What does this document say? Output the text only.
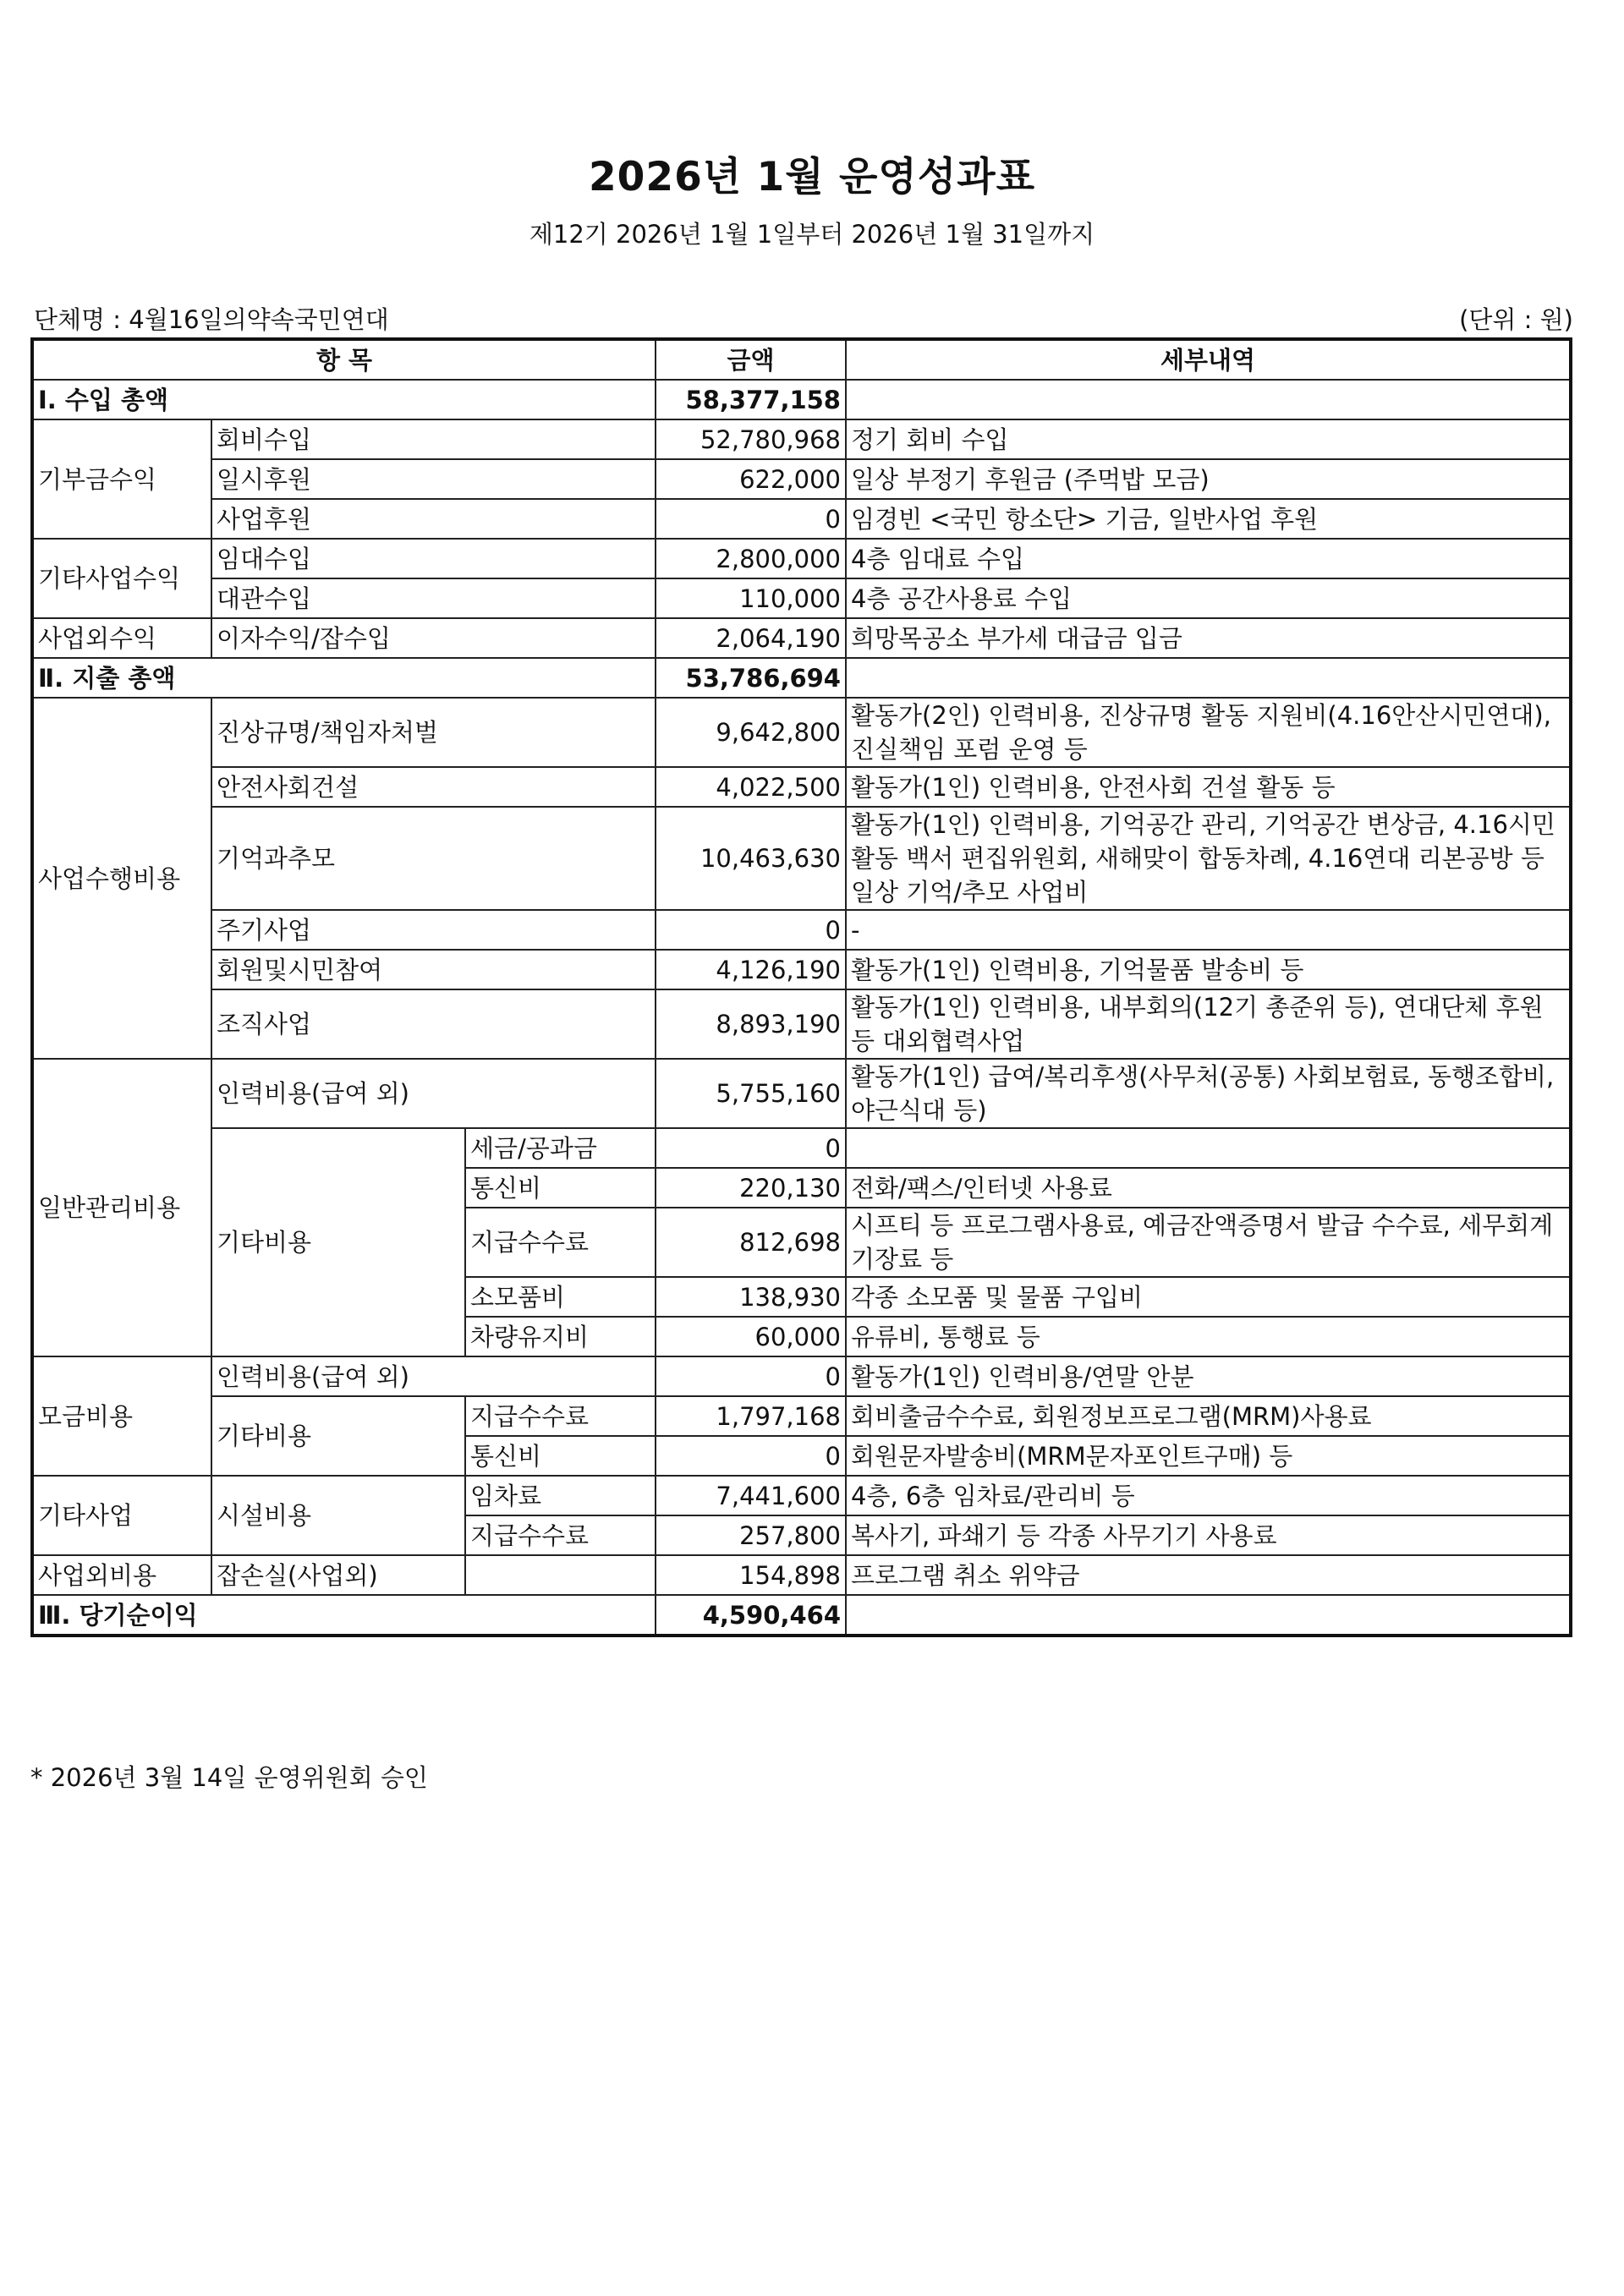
2026년 1월 운영성과표
제12기 2026년 1월 1일부터 2026년 1월 31일까지
단체명 : 4월16일의약속국민연대	(단위 : 원)
항 목			금액	세부내역
Ⅰ. 수입 총액			58,377,158	
기부금수익	회비수입		52,780,968	정기 회비 수입
	일시후원		622,000	일상 부정기 후원금 (주먹밥 모금)
	사업후원		0	임경빈 <국민 항소단> 기금, 일반사업 후원
기타사업수익	임대수입		2,800,000	4층 임대료 수입
	대관수입		110,000	4층 공간사용료 수입
사업외수익	이자수익/잡수입		2,064,190	희망목공소 부가세 대급금 입금
Ⅱ. 지출 총액			53,786,694	
사업수행비용	진상규명/책임자처벌		9,642,800	활동가(2인) 인력비용, 진상규명 활동 지원비(4.16안산시민연대), 진실책임 포럼 운영 등
	안전사회건설		4,022,500	활동가(1인) 인력비용, 안전사회 건설 활동 등
	기억과추모		10,463,630	활동가(1인) 인력비용, 기억공간 관리, 기억공간 변상금, 4.16시민 활동 백서 편집위원회, 새해맞이 합동차례, 4.16연대 리본공방 등 일상 기억/추모 사업비
	주기사업		0	-
	회원및시민참여		4,126,190	활동가(1인) 인력비용, 기억물품 발송비 등
	조직사업		8,893,190	활동가(1인) 인력비용, 내부회의(12기 총준위 등), 연대단체 후원 등 대외협력사업
일반관리비용	인력비용(급여 외)		5,755,160	활동가(1인) 급여/복리후생(사무처(공통) 사회보험료, 동행조합비, 야근식대 등)
	기타비용	세금/공과금	0	
		통신비	220,130	전화/팩스/인터넷 사용료
		지급수수료	812,698	시프티 등 프로그램사용료, 예금잔액증명서 발급 수수료, 세무회계기장료 등
		소모품비	138,930	각종 소모품 및 물품 구입비
		차량유지비	60,000	유류비, 통행료 등
모금비용	인력비용(급여 외)		0	활동가(1인) 인력비용/연말 안분
	기타비용	지급수수료	1,797,168	회비출금수수료, 회원정보프로그램(MRM)사용료
		통신비	0	회원문자발송비(MRM문자포인트구매) 등
기타사업	시설비용	임차료	7,441,600	4층, 6층 임차료/관리비 등
		지급수수료	257,800	복사기, 파쇄기 등 각종 사무기기 사용료
사업외비용	잡손실(사업외)		154,898	프로그램 취소 위약금
Ⅲ. 당기순이익			4,590,464	
* 2026년 3월 14일 운영위원회 승인
